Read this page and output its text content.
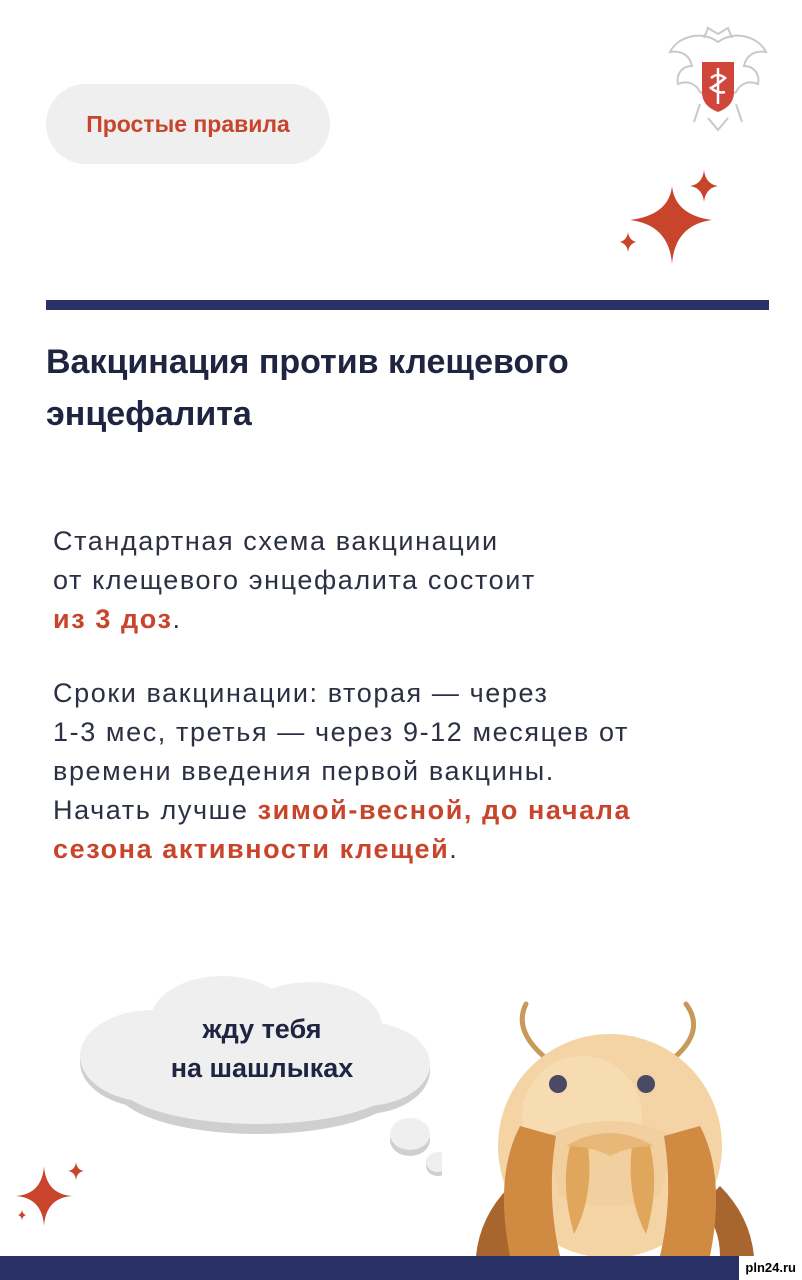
Простые правила
Вакцинация против клещевого
энцефалита

Стандартная схема вакцинации
от клещевого энцефалита состоит
из 3 доз.

Сроки вакцинации: вторая — через
1-3 мес, третья — через 9-12 месяцев от
времени введения первой вакцины.
Начать лучше зимой-весной, до начала
сезона активности клещей.

жду тебя
на шашлыках
pln24.ru
